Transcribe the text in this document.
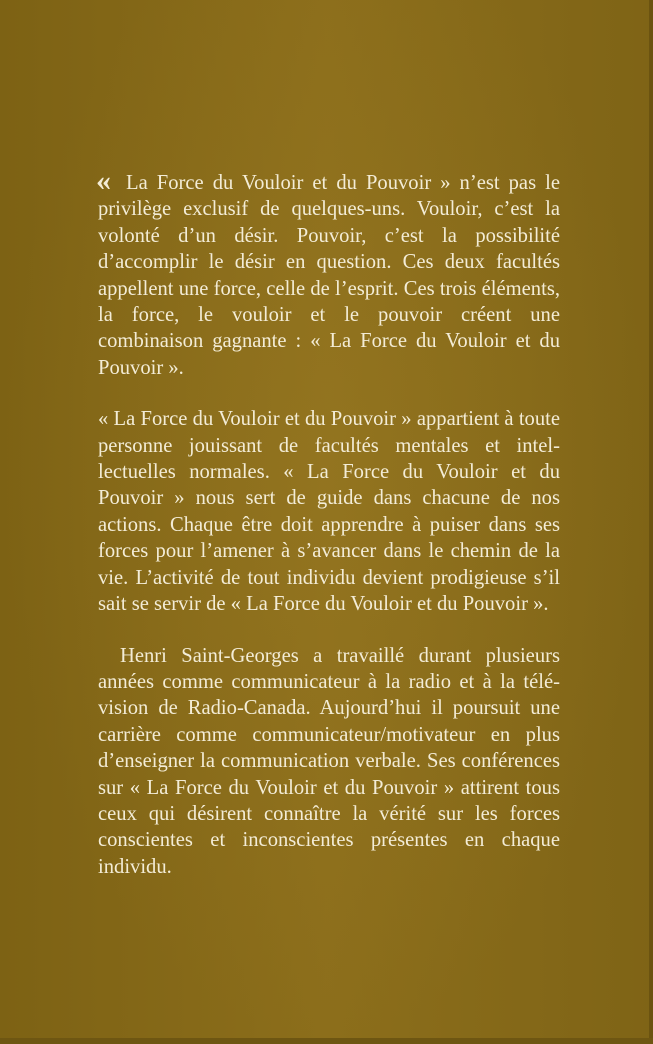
« La Force du Vouloir et du Pouvoir » n’est pas le privilège exclusif de quelques-uns. Vouloir, c’est la volonté d’un désir. Pouvoir, c’est la possibilité d’accomplir le désir en question. Ces deux facultés appellent une force, celle de l’esprit. Ces trois éléments, la force, le vouloir et le pouvoir créent une combinaison gagnante : « La Force du Vouloir et du Pouvoir ».

« La Force du Vouloir et du Pouvoir » appartient à toute personne jouissant de facultés mentales et intellectuelles normales. « La Force du Vouloir et du Pouvoir » nous sert de guide dans chacune de nos actions. Chaque être doit apprendre à puiser dans ses forces pour l’amener à s’avancer dans le chemin de la vie. L’activité de tout individu devient prodigieuse s’il sait se servir de « La Force du Vouloir et du Pouvoir ».

Henri Saint-Georges a travaillé durant plusieurs années comme communicateur à la radio et à la télévision de Radio-Canada. Aujourd’hui il poursuit une carrière comme communicateur/motivateur en plus d’enseigner la communication verbale. Ses conférences sur « La Force du Vouloir et du Pouvoir » attirent tous ceux qui désirent connaître la vérité sur les forces conscientes et inconscientes présentes en chaque individu.
